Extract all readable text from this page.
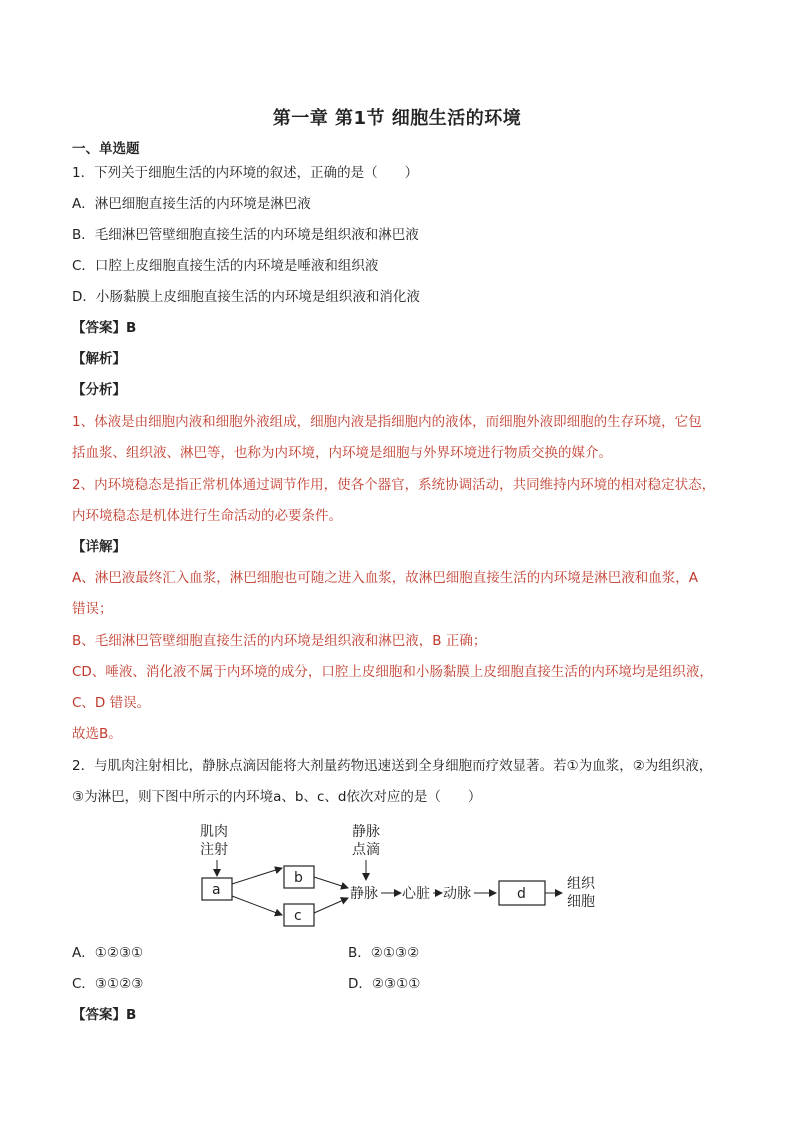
第一章 第1节 细胞生活的环境
一、单选题
1．下列关于细胞生活的内环境的叙述，正确的是（　　）
A．淋巴细胞直接生活的内环境是淋巴液
B．毛细淋巴管壁细胞直接生活的内环境是组织液和淋巴液
C．口腔上皮细胞直接生活的内环境是唾液和组织液
D．小肠黏膜上皮细胞直接生活的内环境是组织液和消化液
【答案】B
【解析】
【分析】
1、体液是由细胞内液和细胞外液组成，细胞内液是指细胞内的液体，而细胞外液即细胞的生存环境，它包
括血浆、组织液、淋巴等，也称为内环境，内环境是细胞与外界环境进行物质交换的媒介。
2、内环境稳态是指正常机体通过调节作用，使各个器官，系统协调活动，共同维持内环境的相对稳定状态，
内环境稳态是机体进行生命活动的必要条件。
【详解】
A、淋巴液最终汇入血浆，淋巴细胞也可随之进入血浆，故淋巴细胞直接生活的内环境是淋巴液和血浆，A
错误；
B、毛细淋巴管壁细胞直接生活的内环境是组织液和淋巴液，B 正确；
CD、唾液、消化液不属于内环境的成分，口腔上皮细胞和小肠黏膜上皮细胞直接生活的内环境均是组织液，
C、D 错误。
故选B。
2．与肌肉注射相比，静脉点滴因能将大剂量药物迅速送到全身细胞而疗效显著。若①为血浆，②为组织液，
③为淋巴，则下图中所示的内环境a、b、c、d依次对应的是（　　）
肌肉
注射
a
b
c
静脉
点滴
静脉 心脏 动脉	d
组织
细胞
A．①②③①	B．②①③②
C．③①②③	D．②③①①
【答案】B
